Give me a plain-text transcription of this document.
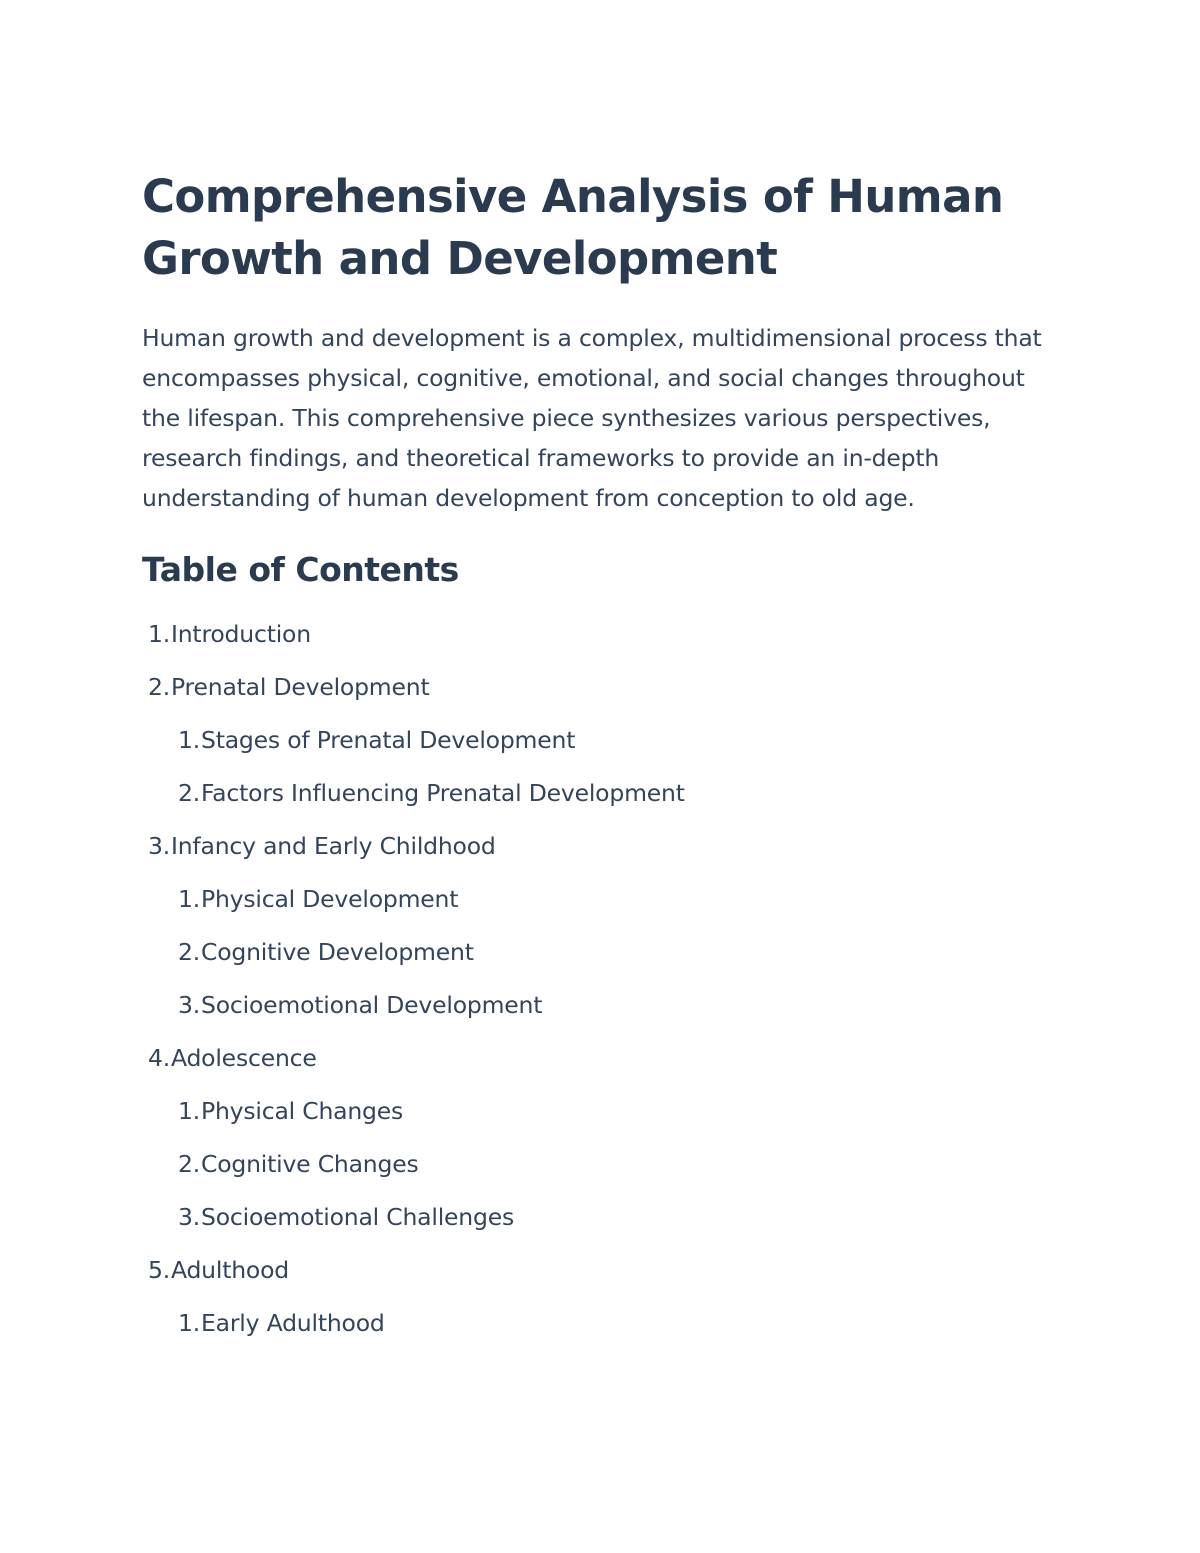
Comprehensive Analysis of Human Growth and Development

Human growth and development is a complex, multidimensional process that encompasses physical, cognitive, emotional, and social changes throughout the lifespan. This comprehensive piece synthesizes various perspectives, research findings, and theoretical frameworks to provide an in-depth understanding of human development from conception to old age.

Table of Contents
1. Introduction
2. Prenatal Development
1. Stages of Prenatal Development
2. Factors Influencing Prenatal Development
3. Infancy and Early Childhood
1. Physical Development
2. Cognitive Development
3. Socioemotional Development
4. Adolescence
1. Physical Changes
2. Cognitive Changes
3. Socioemotional Challenges
5. Adulthood
1. Early Adulthood
